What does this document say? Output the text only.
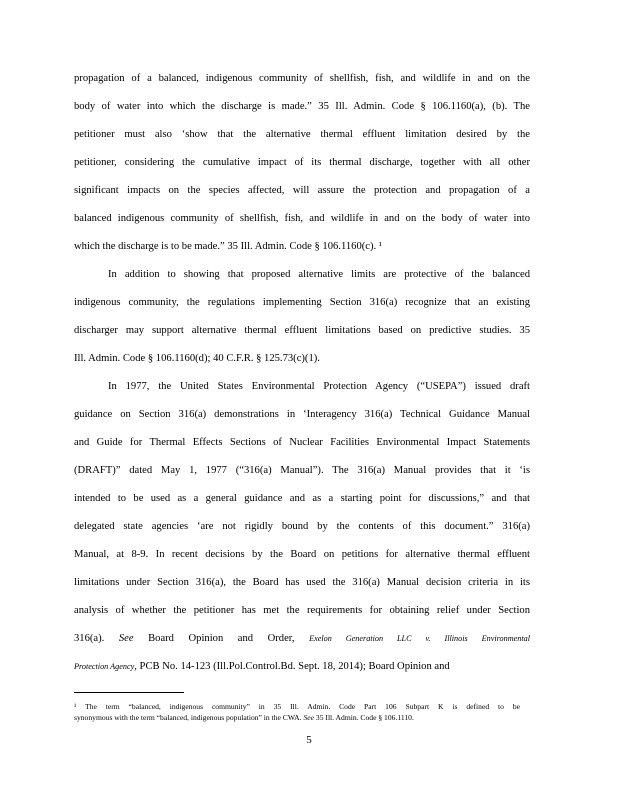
propagation of a balanced, indigenous community of shellfish, fish, and wildlife in and on the
body of water into which the discharge is made.” 35 Ill. Admin. Code § 106.1160(a), (b). The
petitioner must also ‘show that the alternative thermal effluent limitation desired by the
petitioner, considering the cumulative impact of its thermal discharge, together with all other
significant impacts on the species affected, will assure the protection and propagation of a
balanced indigenous community of shellfish, fish, and wildlife in and on the body of water into
which the discharge is to be made.” 35 Ill. Admin. Code § 106.1160(c). ¹
In addition to showing that proposed alternative limits are protective of the balanced
indigenous community, the regulations implementing Section 316(a) recognize that an existing
discharger may support alternative thermal effluent limitations based on predictive studies. 35
Ill. Admin. Code § 106.1160(d); 40 C.F.R. § 125.73(c)(1).
In 1977, the United States Environmental Protection Agency (“USEPA”) issued draft
guidance on Section 316(a) demonstrations in ‘Interagency 316(a) Technical Guidance Manual
and Guide for Thermal Effects Sections of Nuclear Facilities Environmental Impact Statements
(DRAFT)” dated May 1, 1977 (“316(a) Manual”). The 316(a) Manual provides that it ‘is
intended to be used as a general guidance and as a starting point for discussions,” and that
delegated state agencies ‘are not rigidly bound by the contents of this document.” 316(a)
Manual, at 8-9. In recent decisions by the Board on petitions for alternative thermal effluent
limitations under Section 316(a), the Board has used the 316(a) Manual decision criteria in its
analysis of whether the petitioner has met the requirements for obtaining relief under Section
316(a). See Board Opinion and Order, Exelon Generation LLC v. Illinois Environmental
Protection Agency, PCB No. 14-123 (Ill.Pol.Control.Bd. Sept. 18, 2014); Board Opinion and
¹ The term “balanced, indigenous community” in 35 Ill. Admin. Code Part 106 Subpart K is defined to be
synonymous with the term “balanced, indigenous population” in the CWA. See 35 Ill. Admin. Code § 106.1110.
5
